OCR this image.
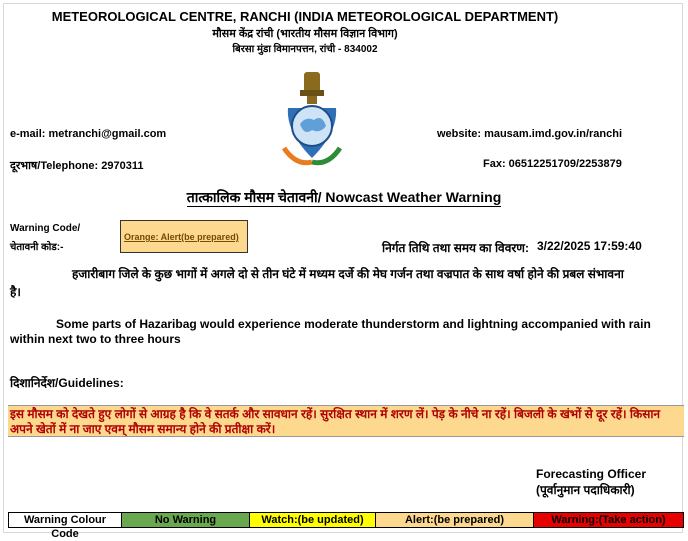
METEOROLOGICAL CENTRE, RANCHI (INDIA METEOROLOGICAL DEPARTMENT)
मौसम केंद्र रांची (भारतीय मौसम विज्ञान विभाग)
बिरसा मुंडा विमानपत्तन, रांची - 834002
e-mail: metranchi@gmail.com	website: mausam.imd.gov.in/ranchi
दूरभाष/Telephone: 2970311	Fax: 06512251709/2253879
तात्कालिक मौसम चेतावनी/ Nowcast Weather Warning
Warning Code/
चेतावनी कोड:-
Orange: Alert(be prepared)
निर्गत तिथि तथा समय का विवरण: 3/22/2025 17:59:40
हजारीबाग जिले के कुछ भागों में अगले दो से तीन घंटे में मध्यम दर्जे की मेघ गर्जन तथा वज्रपात के साथ वर्षा होने की प्रबल संभावना
है।
Some parts of Hazaribag would experience moderate thunderstorm and lightning accompanied with rain
within next two to three hours
दिशानिर्देश/Guidelines:
इस मौसम को देखते हुए लोगों से आग्रह है कि वे सतर्क और सावधान रहें। सुरक्षित स्थान में शरण लें। पेड़ के नीचे ना रहें। बिजली के खंभों से दूर रहें। किसान अपने खेतों में ना जाए एवम् मौसम समान्य होने की प्रतीक्षा करें।
Forecasting Officer
(पूर्वानुमान पदाधिकारी)
Warning Colour Code
No Warning	Watch:(be updated)	Alert:(be prepared)	Warning:(Take action)
